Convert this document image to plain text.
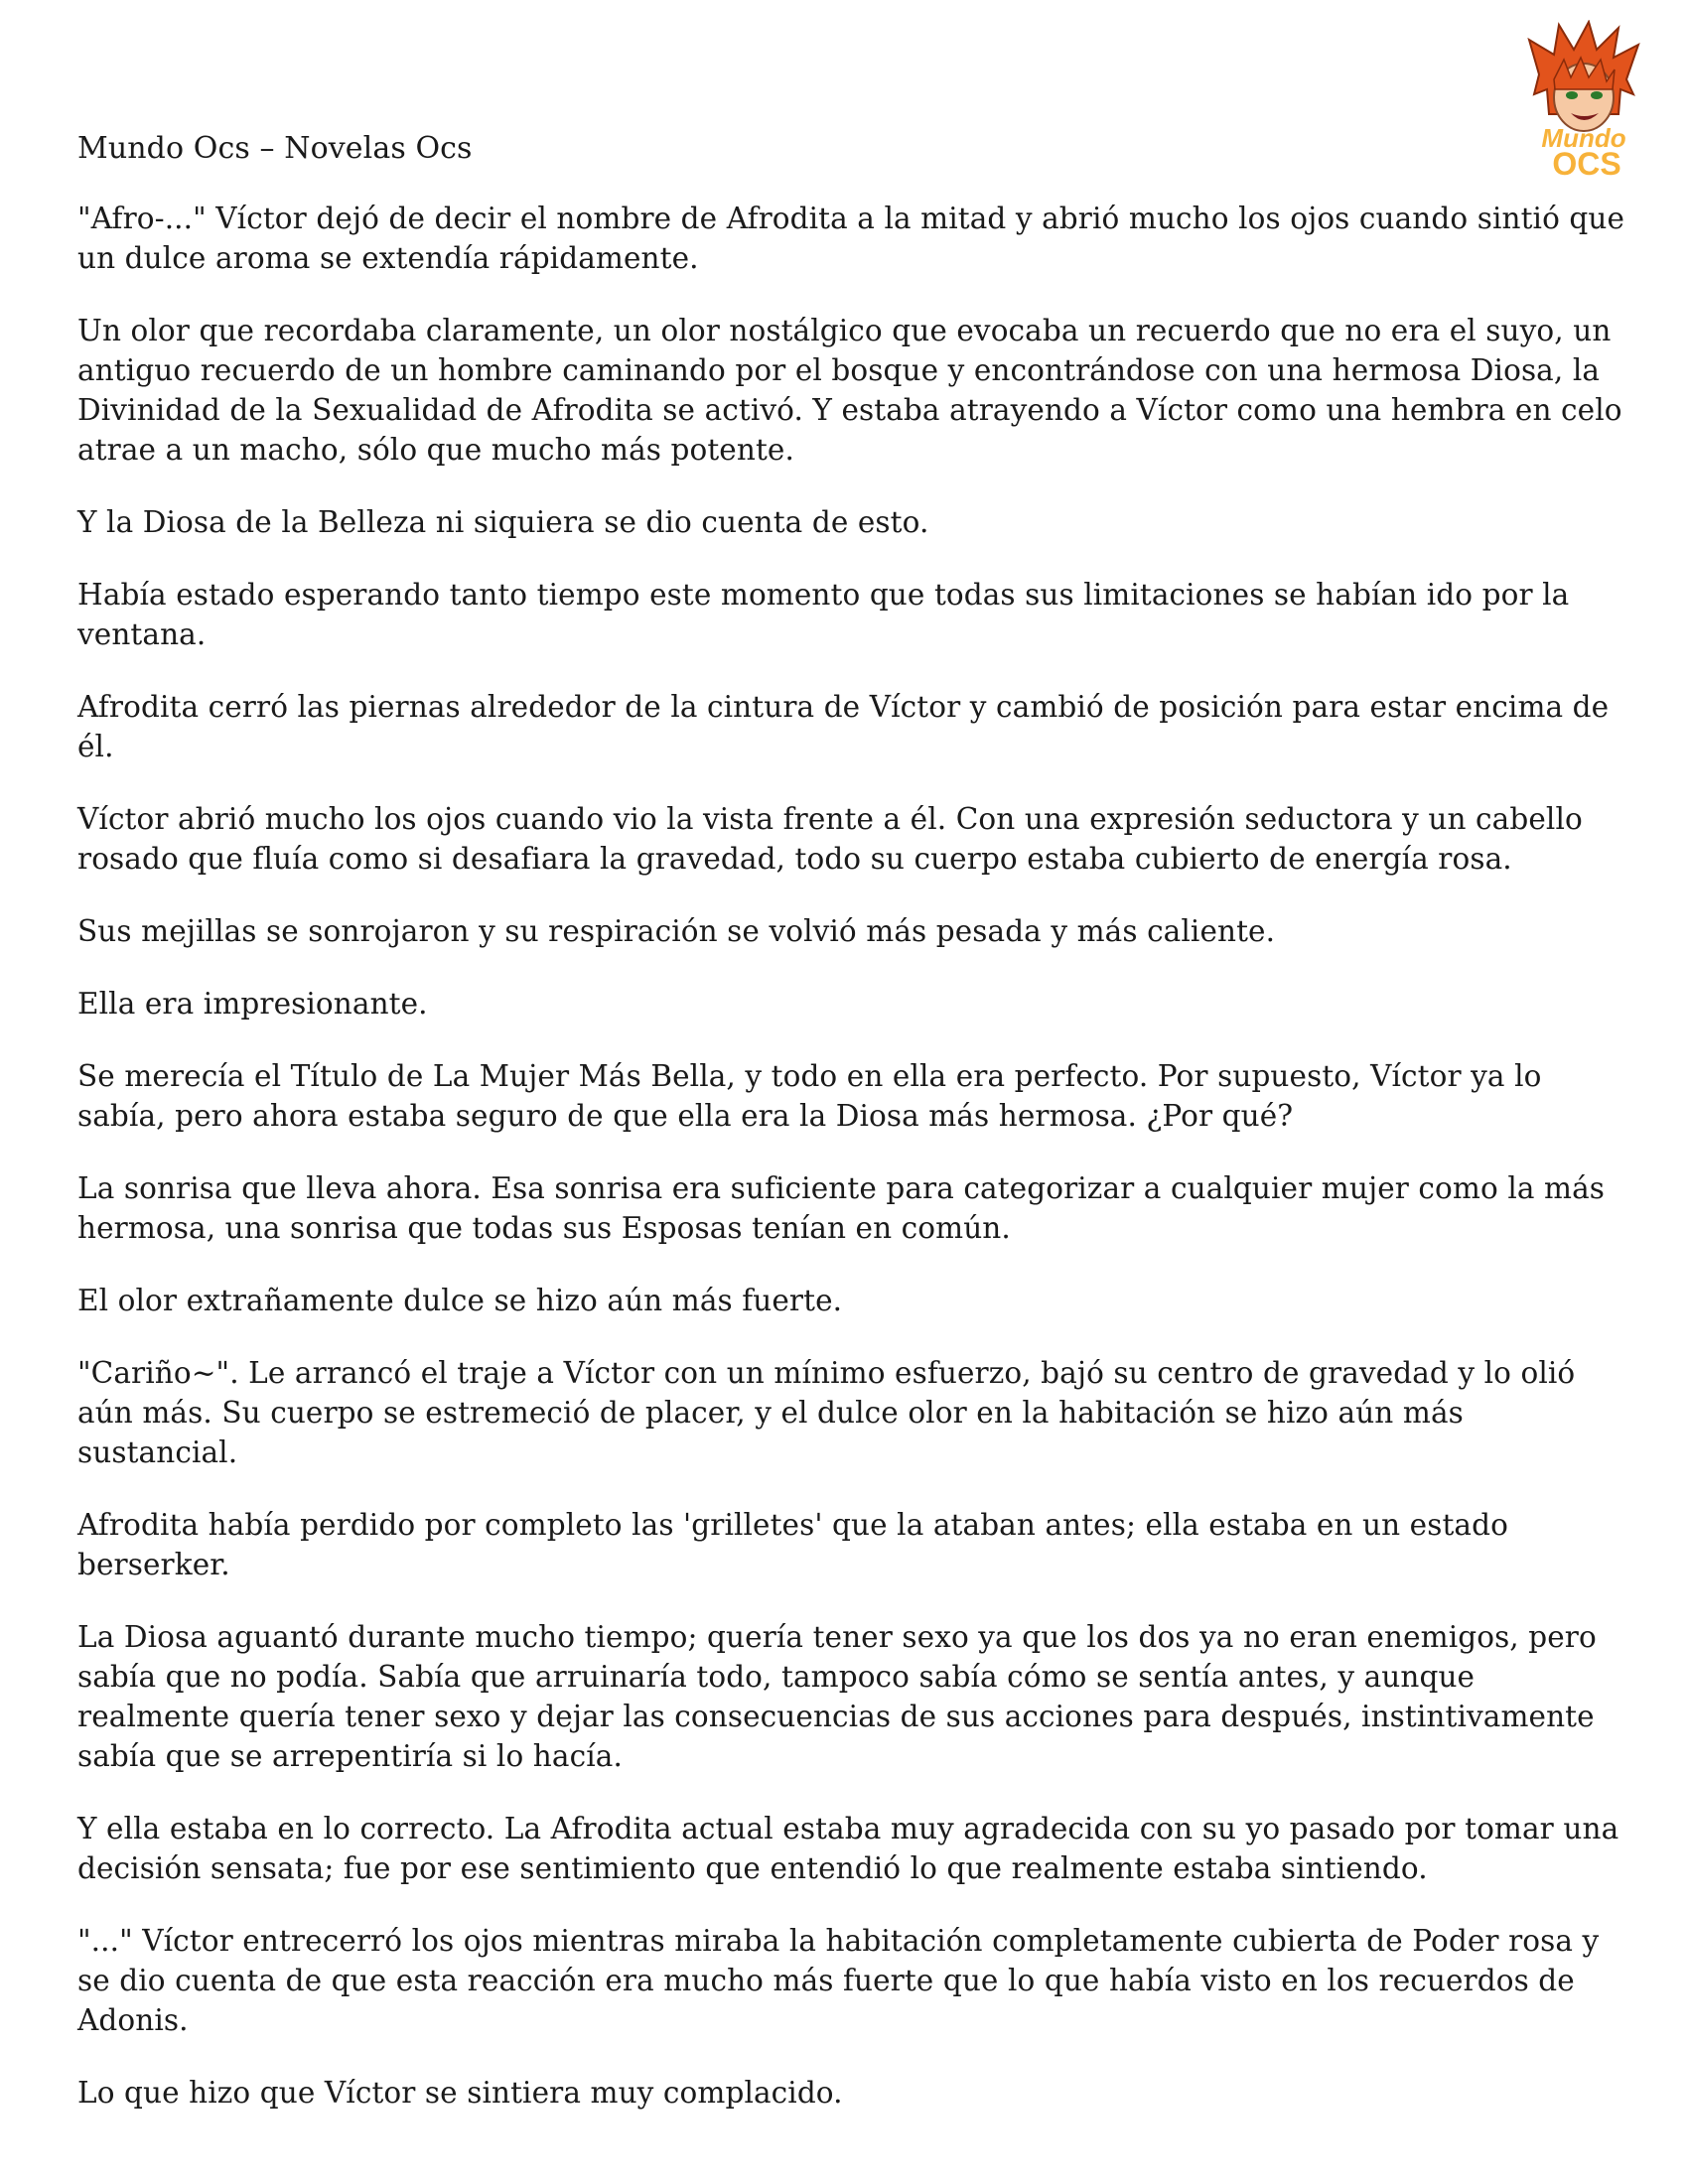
Mundo
OCS
Mundo Ocs – Novelas Ocs

"Afro-..." Víctor dejó de decir el nombre de Afrodita a la mitad y abrió mucho los ojos cuando sintió que un dulce aroma se extendía rápidamente.

Un olor que recordaba claramente, un olor nostálgico que evocaba un recuerdo que no era el suyo, un antiguo recuerdo de un hombre caminando por el bosque y encontrándose con una hermosa Diosa, la Divinidad de la Sexualidad de Afrodita se activó. Y estaba atrayendo a Víctor como una hembra en celo atrae a un macho, sólo que mucho más potente.

Y la Diosa de la Belleza ni siquiera se dio cuenta de esto.

Había estado esperando tanto tiempo este momento que todas sus limitaciones se habían ido por la ventana.

Afrodita cerró las piernas alrededor de la cintura de Víctor y cambió de posición para estar encima de él.

Víctor abrió mucho los ojos cuando vio la vista frente a él. Con una expresión seductora y un cabello rosado que fluía como si desafiara la gravedad, todo su cuerpo estaba cubierto de energía rosa.

Sus mejillas se sonrojaron y su respiración se volvió más pesada y más caliente.

Ella era impresionante.

Se merecía el Título de La Mujer Más Bella, y todo en ella era perfecto. Por supuesto, Víctor ya lo sabía, pero ahora estaba seguro de que ella era la Diosa más hermosa. ¿Por qué?

La sonrisa que lleva ahora. Esa sonrisa era suficiente para categorizar a cualquier mujer como la más hermosa, una sonrisa que todas sus Esposas tenían en común.

El olor extrañamente dulce se hizo aún más fuerte.

"Cariño~". Le arrancó el traje a Víctor con un mínimo esfuerzo, bajó su centro de gravedad y lo olió aún más. Su cuerpo se estremeció de placer, y el dulce olor en la habitación se hizo aún más sustancial.

Afrodita había perdido por completo las 'grilletes' que la ataban antes; ella estaba en un estado berserker.

La Diosa aguantó durante mucho tiempo; quería tener sexo ya que los dos ya no eran enemigos, pero sabía que no podía. Sabía que arruinaría todo, tampoco sabía cómo se sentía antes, y aunque realmente quería tener sexo y dejar las consecuencias de sus acciones para después, instintivamente sabía que se arrepentiría si lo hacía.

Y ella estaba en lo correcto. La Afrodita actual estaba muy agradecida con su yo pasado por tomar una decisión sensata; fue por ese sentimiento que entendió lo que realmente estaba sintiendo.

"..." Víctor entrecerró los ojos mientras miraba la habitación completamente cubierta de Poder rosa y se dio cuenta de que esta reacción era mucho más fuerte que lo que había visto en los recuerdos de Adonis.

Lo que hizo que Víctor se sintiera muy complacido.
